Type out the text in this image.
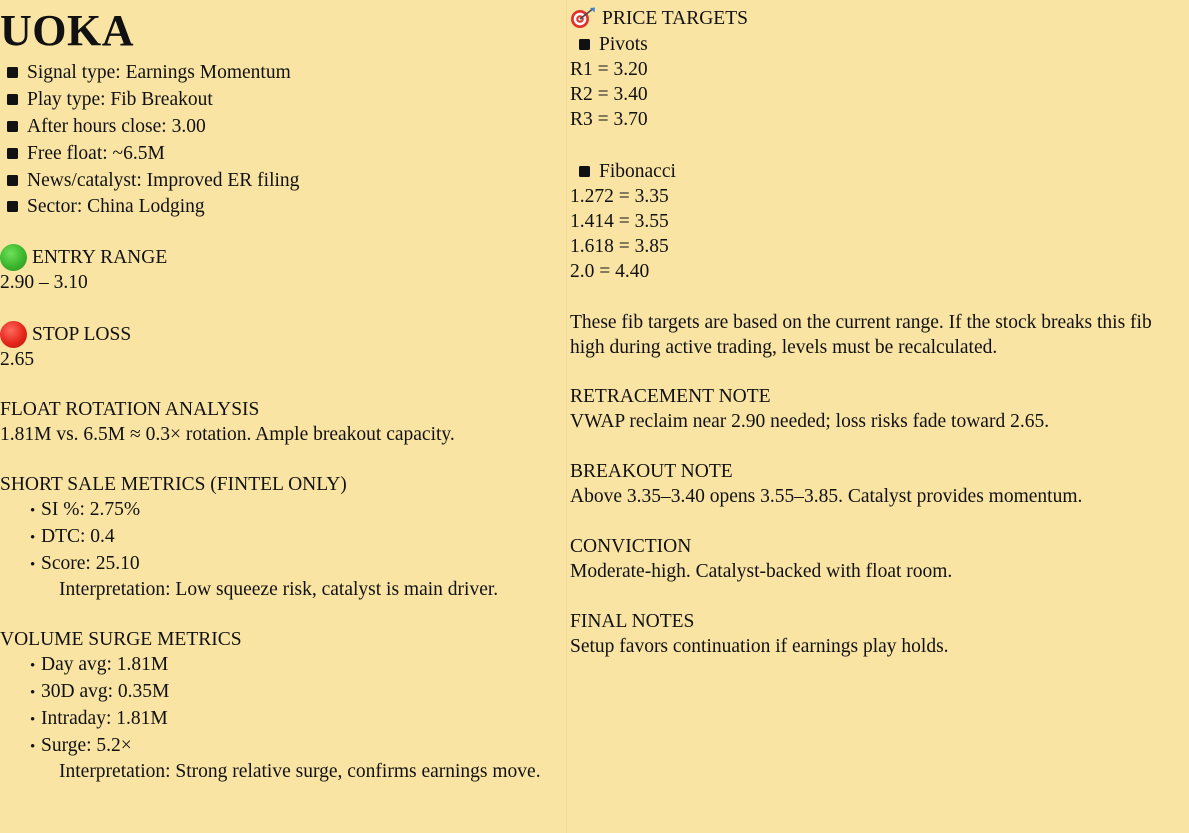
UOKA
Signal type: Earnings Momentum
Play type: Fib Breakout
After hours close: 3.00
Free float: ~6.5M
News/catalyst: Improved ER filing
Sector: China Lodging
ENTRY RANGE
2.90 – 3.10
STOP LOSS
2.65
FLOAT ROTATION ANALYSIS
1.81M vs. 6.5M ≈ 0.3× rotation. Ample breakout capacity.
SHORT SALE METRICS (FINTEL ONLY)
• SI %: 2.75%
• DTC: 0.4
• Score: 25.10
Interpretation: Low squeeze risk, catalyst is main driver.
VOLUME SURGE METRICS
• Day avg: 1.81M
• 30D avg: 0.35M
• Intraday: 1.81M
• Surge: 5.2×
Interpretation: Strong relative surge, confirms earnings move.
PRICE TARGETS
Pivots
R1 = 3.20
R2 = 3.40
R3 = 3.70
Fibonacci
1.272 = 3.35
1.414 = 3.55
1.618 = 3.85
2.0 = 4.40
These fib targets are based on the current range. If the stock breaks this fib high during active trading, levels must be recalculated.
RETRACEMENT NOTE
VWAP reclaim near 2.90 needed; loss risks fade toward 2.65.
BREAKOUT NOTE
Above 3.35–3.40 opens 3.55–3.85. Catalyst provides momentum.
CONVICTION
Moderate-high. Catalyst-backed with float room.
FINAL NOTES
Setup favors continuation if earnings play holds.
